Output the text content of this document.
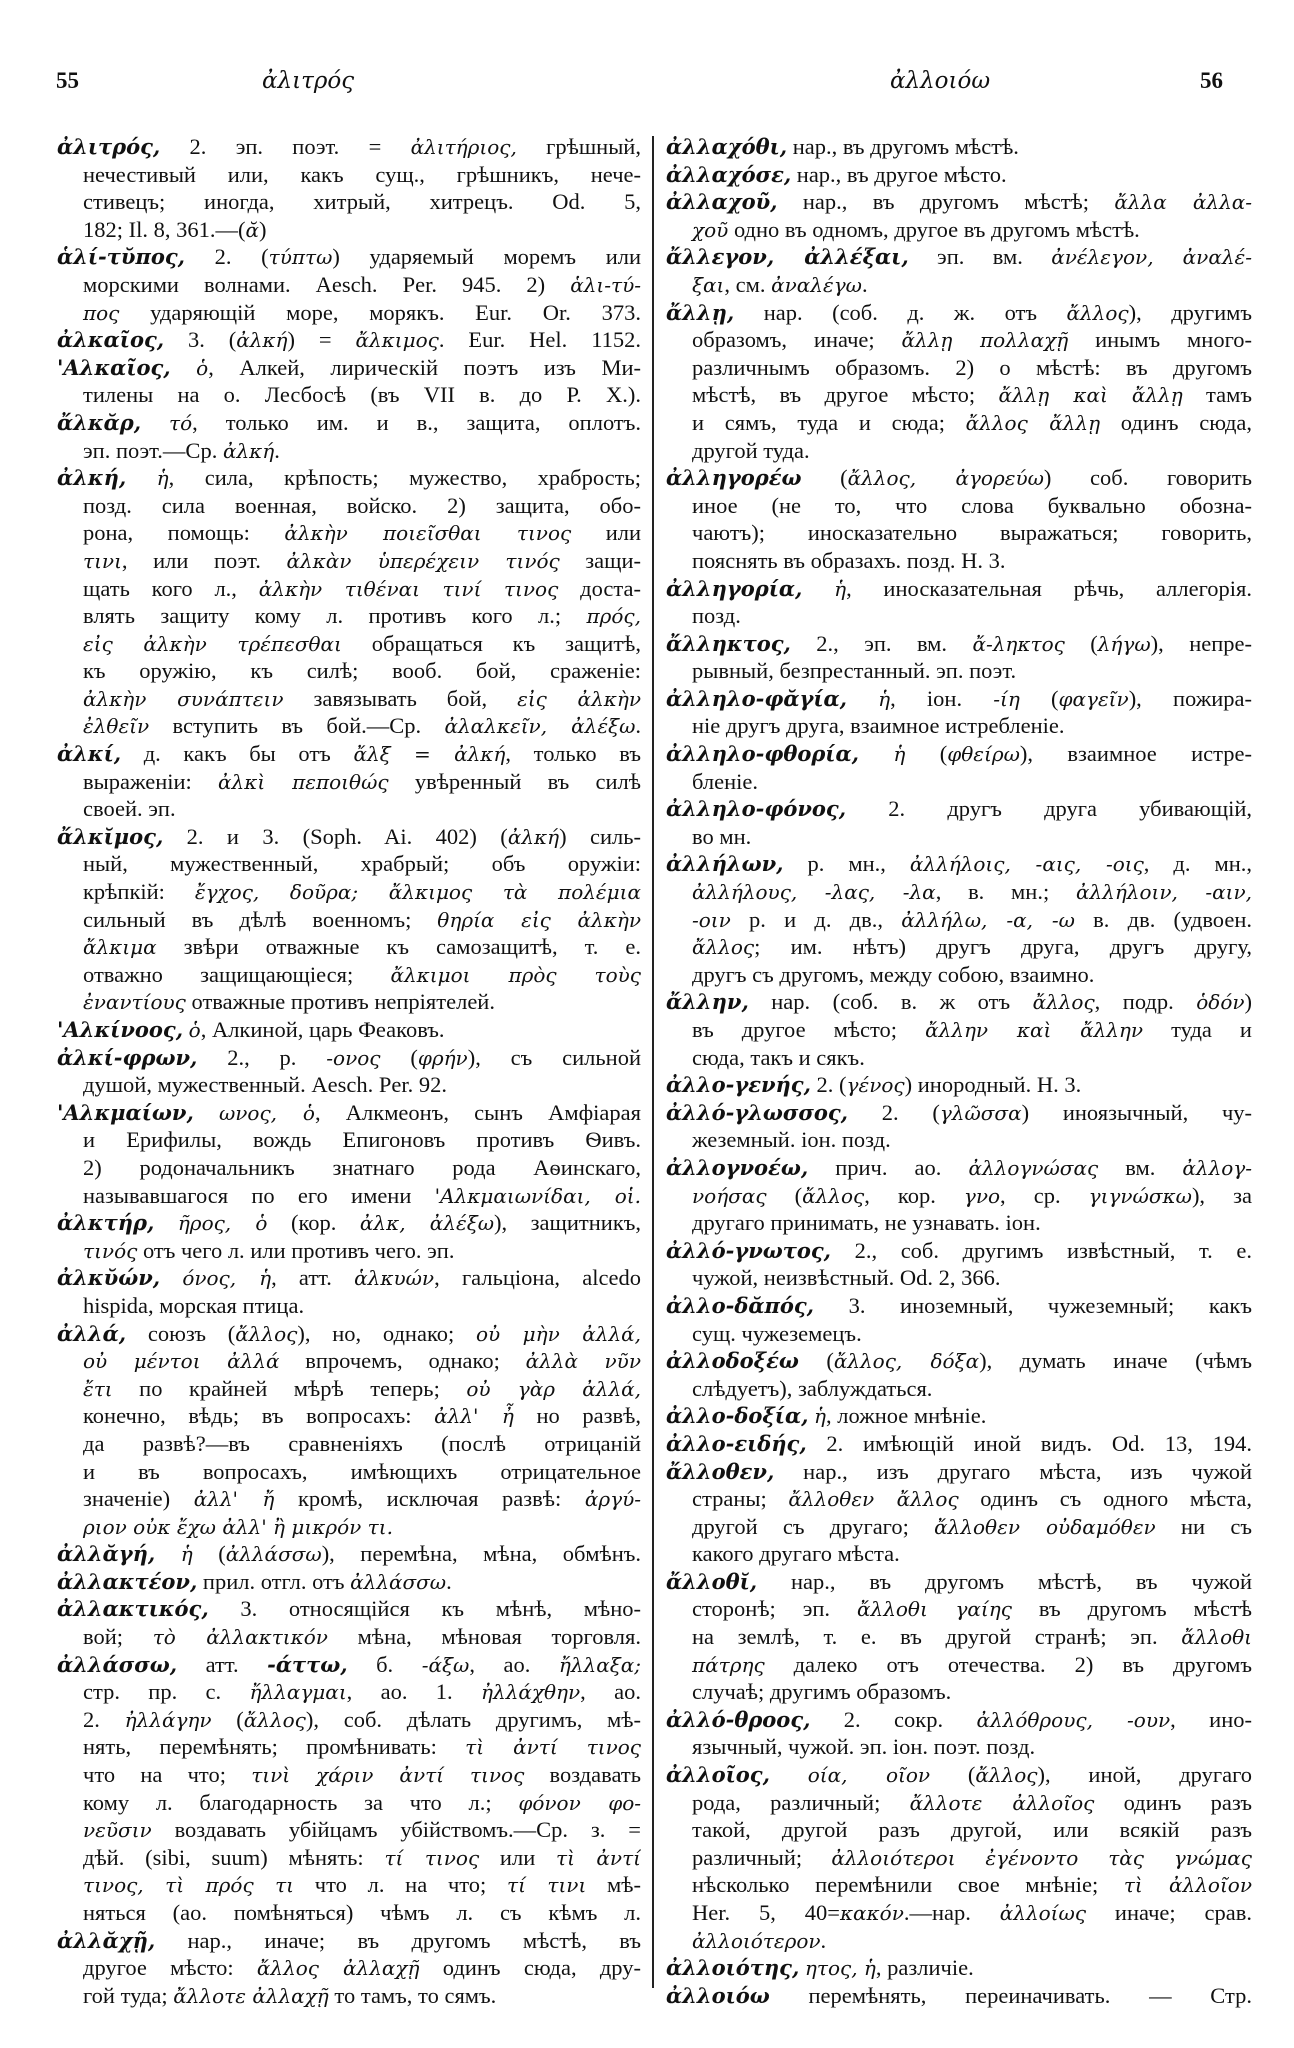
55	ἀλιτρός	ἀλλοιόω	56
ἀλιτρός, 2. эп. поэт. = ἀλιτήριος, грѣшный,
нечестивый или, какъ сущ., грѣшникъ, нече-
стивецъ; иногда, хитрый, хитрецъ. Od. 5,
182; Il. 8, 361.—(ᾰ)
ἁλί-τῠπος, 2. (τύπτω) ударяемый моремъ или
морскими волнами. Aesch. Per. 945. 2) ἁλι-τύ-
πος ударяющій море, морякъ. Eur. Or. 373.
ἀλκαῖος, 3. (ἀλκή) = ἄλκιμος. Eur. Hel. 1152.
'Αλκαῖος, ὁ, Алкей, лирическій поэтъ изъ Ми-
тилены на о. Лесбосѣ (въ VII в. до Р. X.).
ἄλκᾰρ, τό, только им. и в., защита, оплотъ.
эп. поэт.—Ср. ἀλκή.
ἀλκή, ἡ, сила, крѣпость; мужество, храбрость;
позд. сила военная, войско. 2) защита, обо-
рона, помощь: ἀλκὴν ποιεῖσθαι τινος или
τινι, или поэт. ἀλκὰν ὑπερέχειν τινός защи-
щать кого л., ἀλκὴν τιθέναι τινί τινος доста-
влять защиту кому л. противъ кого л.; πρός,
εἰς ἀλκὴν τρέπεσθαι обращаться къ защитѣ,
къ оружію, къ силѣ; вооб. бой, сраженіе:
ἀλκὴν συνάπτειν завязывать бой, εἰς ἀλκὴν
ἐλθεῖν вступить въ бой.—Ср. ἀλαλκεῖν, ἀλέξω.
ἀλκί, д. какъ бы отъ ἄλξ = ἀλκή, только въ
выраженіи: ἀλκὶ πεποιθώς увѣренный въ силѣ
своей. эп.
ἄλκῐμος, 2. и 3. (Soph. Ai. 402) (ἀλκή) силь-
ный, мужественный, храбрый; объ оружіи:
крѣпкій: ἔγχος, δοῦρα; ἄλκιμος τὰ πολέμια
сильный въ дѣлѣ военномъ; θηρία εἰς ἀλκὴν
ἄλκιμα звѣри отважные къ самозащитѣ, т. е.
отважно защищающіеся; ἄλκιμοι πρὸς τοὺς
ἐναντίους отважные противъ непріятелей.
'Αλκίνοος, ὁ, Алкиной, царь Феаковъ.
ἀλκί-φρων, 2., р. -ονος (φρήν), съ сильной
душой, мужественный. Aesch. Per. 92.
'Αλκμαίων, ωνος, ὁ, Алкмеонъ, сынъ Амфіарая
и Ерифилы, вождь Епигоновъ противъ Ѳивъ.
2) родоначальникъ знатнаго рода Аѳинскаго,
называвшагося по его имени 'Αλκμαιωνίδαι, οἱ.
ἀλκτήρ, ῆρος, ὁ (кор. ἀλκ, ἀλέξω), защитникъ,
τινός отъ чего л. или противъ чего. эп.
ἀλκῠών, όνος, ἡ, атт. ἁλκυών, гальціона, alcedo
hispida, морская птица.
ἀλλά, союзъ (ἄλλος), но, однако; οὐ μὴν ἀλλά,
οὐ μέντοι ἀλλά впрочемъ, однако; ἀλλὰ νῦν
ἔτι по крайней мѣрѣ теперь; οὐ γὰρ ἀλλά,
конечно, вѣдь; въ вопросахъ: ἀλλ' ἦ но развѣ,
да развѣ?—въ сравненіяхъ (послѣ отрицаній
и въ вопросахъ, имѣющихъ отрицательное
значеніе) ἀλλ' ἤ кромѣ, исключая развѣ: ἀργύ-
ριον οὐκ ἔχω ἀλλ' ἢ μικρόν τι.
ἀλλᾰγή, ἡ (ἀλλάσσω), перемѣна, мѣна, обмѣнъ.
ἀλλακτέον, прил. отгл. отъ ἀλλάσσω.
ἀλλακτικός, 3. относящійся къ мѣнѣ, мѣно-
вой; τὸ ἀλλακτικόν мѣна, мѣновая торговля.
ἀλλάσσω, атт. -άττω, б. -άξω, ао. ἤλλαξα;
стр. пр. с. ἤλλαγμαι, ао. 1. ἠλλάχθην, ао.
2. ἠλλάγην (ἄλλος), соб. дѣлать другимъ, мѣ-
нять, перемѣнять; промѣнивать: τὶ ἀντί τινος
что на что; τινὶ χάριν ἀντί τινος воздавать
кому л. благодарность за что л.; φόνον φο-
νεῦσιν воздавать убійцамъ убійствомъ.—Ср. з. =
дѣй. (sibi, suum) мѣнять: τί τινος или τὶ ἀντί
τινος, τὶ πρός τι что л. на что; τί τινι мѣ-
няться (ао. помѣняться) чѣмъ л. съ кѣмъ л.
ἀλλᾰχῇ, нар., иначе; въ другомъ мѣстѣ, въ
другое мѣсто: ἄλλος ἀλλαχῇ одинъ сюда, дру-
гой туда; ἄλλοτε ἀλλαχῇ то тамъ, то сямъ.
ἀλλαχόθι, нар., въ другомъ мѣстѣ.
ἀλλαχόσε, нар., въ другое мѣсто.
ἀλλαχοῦ, нар., въ другомъ мѣстѣ; ἄλλα ἀλλα-
χοῦ одно въ одномъ, другое въ другомъ мѣстѣ.
ἄλλεγον, ἀλλέξαι, эп. вм. ἀνέλεγον, ἀναλέ-
ξαι, см. ἀναλέγω.
ἄλλῃ, нар. (соб. д. ж. отъ ἄλλος), другимъ
образомъ, иначе; ἄλλῃ πολλαχῇ инымъ много-
различнымъ образомъ. 2) о мѣстѣ: въ другомъ
мѣстѣ, въ другое мѣсто; ἄλλῃ καὶ ἄλλῃ тамъ
и сямъ, туда и сюда; ἄλλος ἄλλῃ одинъ сюда,
другой туда.
ἀλληγορέω (ἄλλος, ἀγορεύω) соб. говорить
иное (не то, что слова буквально обозна-
чаютъ); иносказательно выражаться; говорить,
пояснять въ образахъ. позд. Н. 3.
ἀλληγορία, ἡ, иносказательная рѣчь, аллегорія.
позд.
ἄλληκτος, 2., эп. вм. ἄ-ληκτος (λήγω), непре-
рывный, безпрестанный. эп. поэт.
ἀλληλο-φᾰγία, ἡ, іон. -ίη (φαγεῖν), пожира-
ніе другъ друга, взаимное истребленіе.
ἀλληλο-φθορία, ἡ (φθείρω), взаимное истре-
бленіе.
ἀλληλο-φόνος, 2. другъ друга убивающій,
во мн.
ἀλλήλων, р. мн., ἀλλήλοις, -αις, -οις, д. мн.,
ἀλλήλους, -λας, -λα, в. мн.; ἀλλήλοιν, -αιν,
-οιν р. и д. дв., ἀλλήλω, -α, -ω в. дв. (удвоен.
ἄλλος; им. нѣтъ) другъ друга, другъ другу,
другъ съ другомъ, между собою, взаимно.
ἄλλην, нар. (соб. в. ж отъ ἄλλος, подр. ὁδόν)
въ другое мѣсто; ἄλλην καὶ ἄλλην туда и
сюда, такъ и сякъ.
ἀλλο-γενής, 2. (γένος) инородный. Н. 3.
ἀλλό-γλωσσος, 2. (γλῶσσα) иноязычный, чу-
жеземный. іон. позд.
ἀλλογνοέω, прич. ао. ἀλλογνώσας вм. ἀλλογ-
νοήσας (ἄλλος, кор. γνο, ср. γιγνώσκω), за
другаго принимать, не узнавать. іон.
ἀλλό-γνωτος, 2., соб. другимъ извѣстный, т. е.
чужой, неизвѣстный. Od. 2, 366.
ἀλλο-δᾰπός, 3. иноземный, чужеземный; какъ
сущ. чужеземецъ.
ἀλλοδοξέω (ἄλλος, δόξα), думать иначе (чѣмъ
слѣдуетъ), заблуждаться.
ἀλλο-δοξία, ἡ, ложное мнѣніе.
ἀλλο-ειδής, 2. имѣющій иной видъ. Od. 13, 194.
ἄλλοθεν, нар., изъ другаго мѣста, изъ чужой
страны; ἄλλοθεν ἄλλος одинъ съ одного мѣста,
другой съ другаго; ἄλλοθεν οὐδαμόθεν ни съ
какого другаго мѣста.
ἄλλοθῐ, нар., въ другомъ мѣстѣ, въ чужой
сторонѣ; эп. ἄλλοθι γαίης въ другомъ мѣстѣ
на землѣ, т. е. въ другой странѣ; эп. ἄλλοθι
πάτρης далеко отъ отечества. 2) въ другомъ
случаѣ; другимъ образомъ.
ἀλλό-θροος, 2. сокр. ἀλλόθρους, -ουν, ино-
язычный, чужой. эп. іон. поэт. позд.
ἀλλοῖος, οία, οῖον (ἄλλος), иной, другаго
рода, различный; ἄλλοτε ἀλλοῖος одинъ разъ
такой, другой разъ другой, или всякій разъ
различный; ἀλλοιότεροι ἐγένοντο τὰς γνώμας
нѣсколько перемѣнили свое мнѣніе; τὶ ἀλλοῖον
Her. 5, 40=κακόν.—нар. ἀλλοίως иначе; срав.
ἀλλοιότερον.
ἀλλοιότης, ητος, ἡ, различіе.
ἀλλοιόω перемѣнять, переиначивать. — Стр.
